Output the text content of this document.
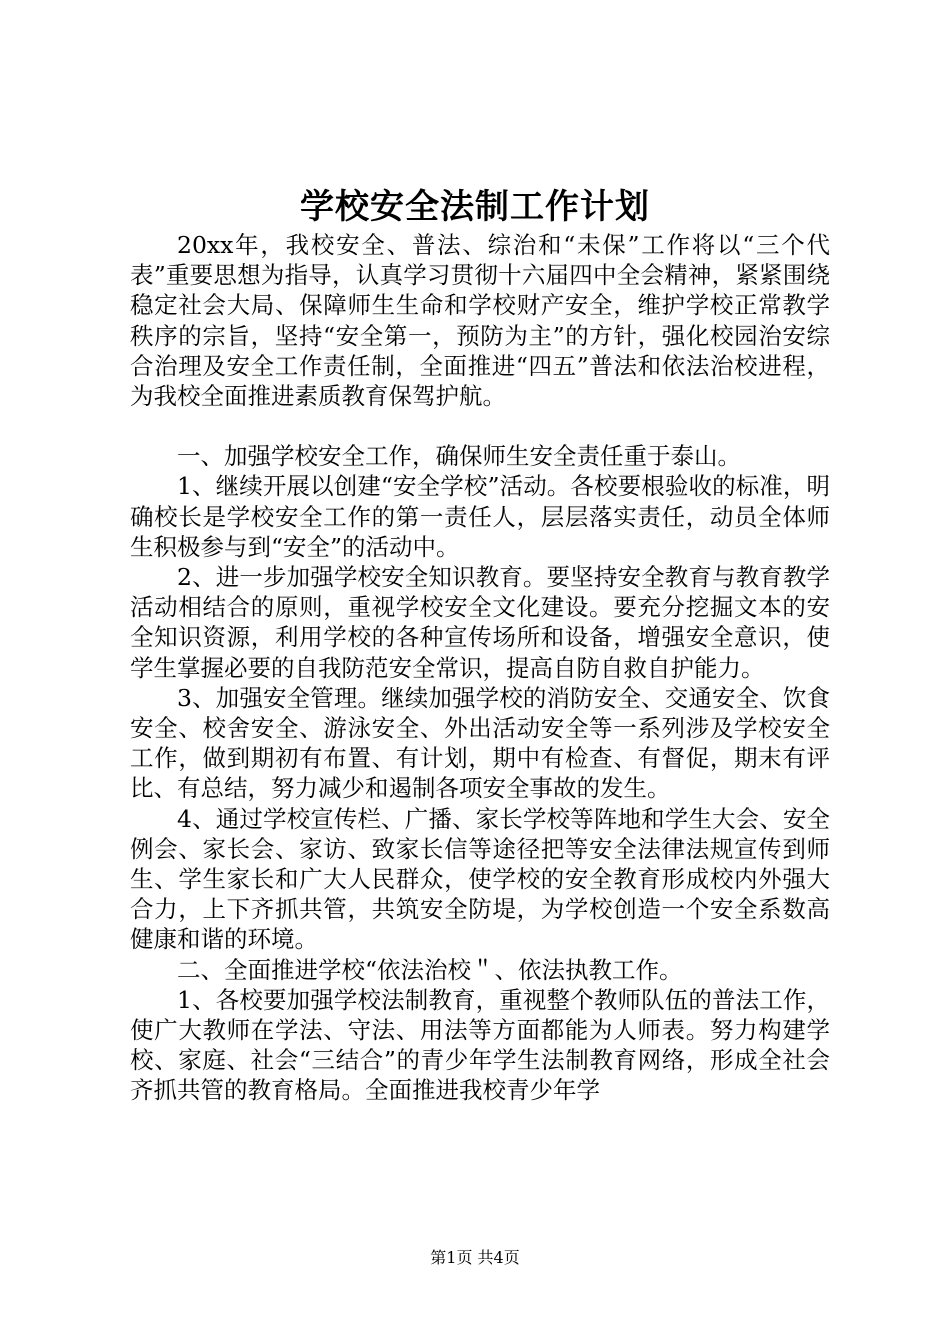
学校安全法制工作计划

20xx年，我校安全、普法、综治和“未保”工作将以“三个代表”重要思想为指导，认真学习贯彻十六届四中全会精神，紧紧围绕稳定社会大局、保障师生生命和学校财产安全，维护学校正常教学秩序的宗旨，坚持“安全第一，预防为主”的方针，强化校园治安综合治理及安全工作责任制，全面推进“四五”普法和依法治校进程，为我校全面推进素质教育保驾护航。

一、加强学校安全工作，确保师生安全责任重于泰山。

1、继续开展以创建“安全学校”活动。各校要根验收的标准，明确校长是学校安全工作的第一责任人，层层落实责任，动员全体师生积极参与到“安全”的活动中。

2、进一步加强学校安全知识教育。要坚持安全教育与教育教学活动相结合的原则，重视学校安全文化建设。要充分挖掘文本的安全知识资源，利用学校的各种宣传场所和设备，增强安全意识，使学生掌握必要的自我防范安全常识，提高自防自救自护能力。

3、加强安全管理。继续加强学校的消防安全、交通安全、饮食安全、校舍安全、游泳安全、外出活动安全等一系列涉及学校安全工作，做到期初有布置、有计划，期中有检查、有督促，期末有评比、有总结，努力减少和遏制各项安全事故的发生。

4、通过学校宣传栏、广播、家长学校等阵地和学生大会、安全例会、家长会、家访、致家长信等途径把等安全法律法规宣传到师生、学生家长和广大人民群众，使学校的安全教育形成校内外强大合力，上下齐抓共管，共筑安全防堤，为学校创造一个安全系数高健康和谐的环境。

二、全面推进学校“依法治校＂、依法执教工作。

1、各校要加强学校法制教育，重视整个教师队伍的普法工作，使广大教师在学法、守法、用法等方面都能为人师表。努力构建学校、家庭、社会“三结合”的青少年学生法制教育网络，形成全社会齐抓共管的教育格局。全面推进我校青少年学

第1页 共4页
